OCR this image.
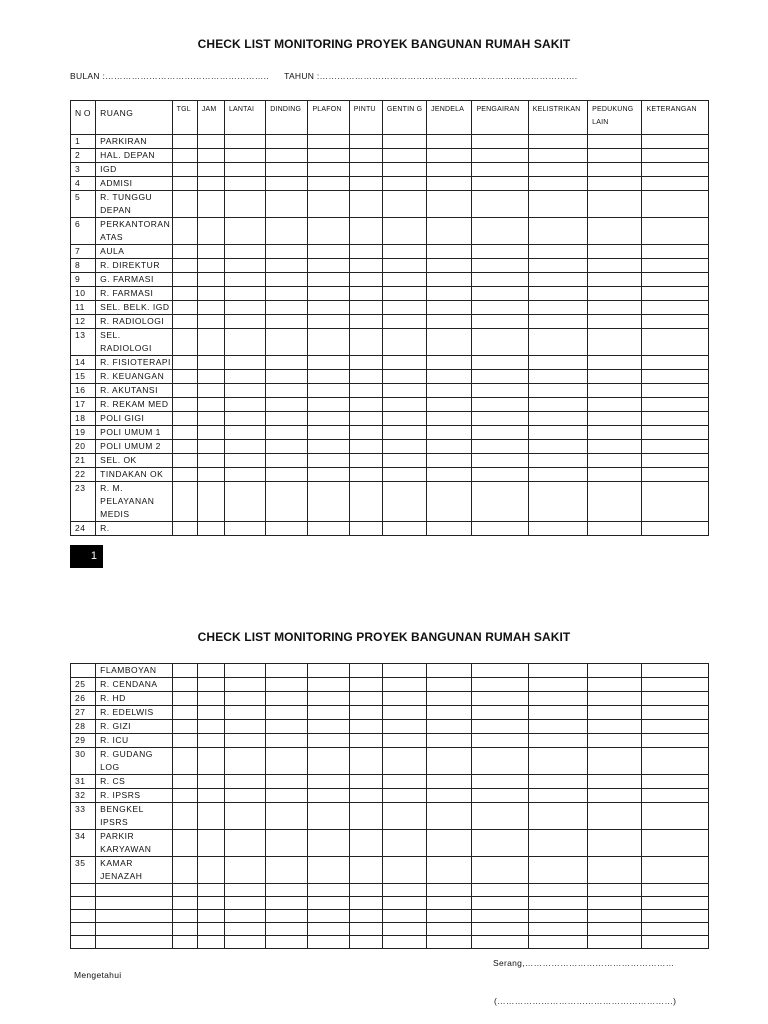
CHECK LIST MONITORING PROYEK BANGUNAN RUMAH SAKIT
BULAN :……………………………………………….. TAHUN :…………………………………………………………………………….
N O	RUANG	TGL	JAM	LANTAI	DINDING	PLAFON	PINTU	GENTIN G	JENDELA	PENGAIRAN	KELISTRIKAN	PEDUKUNG LAIN	KETERANGAN
1	PARKIRAN												
2	HAL. DEPAN												
3	IGD												
4	ADMISI												
5	R. TUNGGU DEPAN												
6	PERKANTORAN ATAS												
7	AULA												
8	R. DIREKTUR												
9	G. FARMASI												
10	R. FARMASI												
11	SEL. BELK. IGD												
12	R. RADIOLOGI												
13	SEL. RADIOLOGI												
14	R. FISIOTERAPI												
15	R. KEUANGAN												
16	R. AKUTANSI												
17	R. REKAM MED												
18	POLI GIGI												
19	POLI UMUM 1												
20	POLI UMUM 2												
21	SEL. OK												
22	TINDAKAN OK												
23	R. M. PELAYANAN MEDIS												
24	R.												
1
CHECK LIST MONITORING PROYEK BANGUNAN RUMAH SAKIT
	FLAMBOYAN												
25	R. CENDANA												
26	R. HD												
27	R. EDELWIS												
28	R. GIZI												
29	R. ICU												
30	R. GUDANG LOG												
31	R. CS												
32	R. IPSRS												
33	BENGKEL IPSRS												
34	PARKIR KARYAWAN												
35	KAMAR JENAZAH												

Serang,……………………………………………
Mengetahui
(……………………………………………………)
